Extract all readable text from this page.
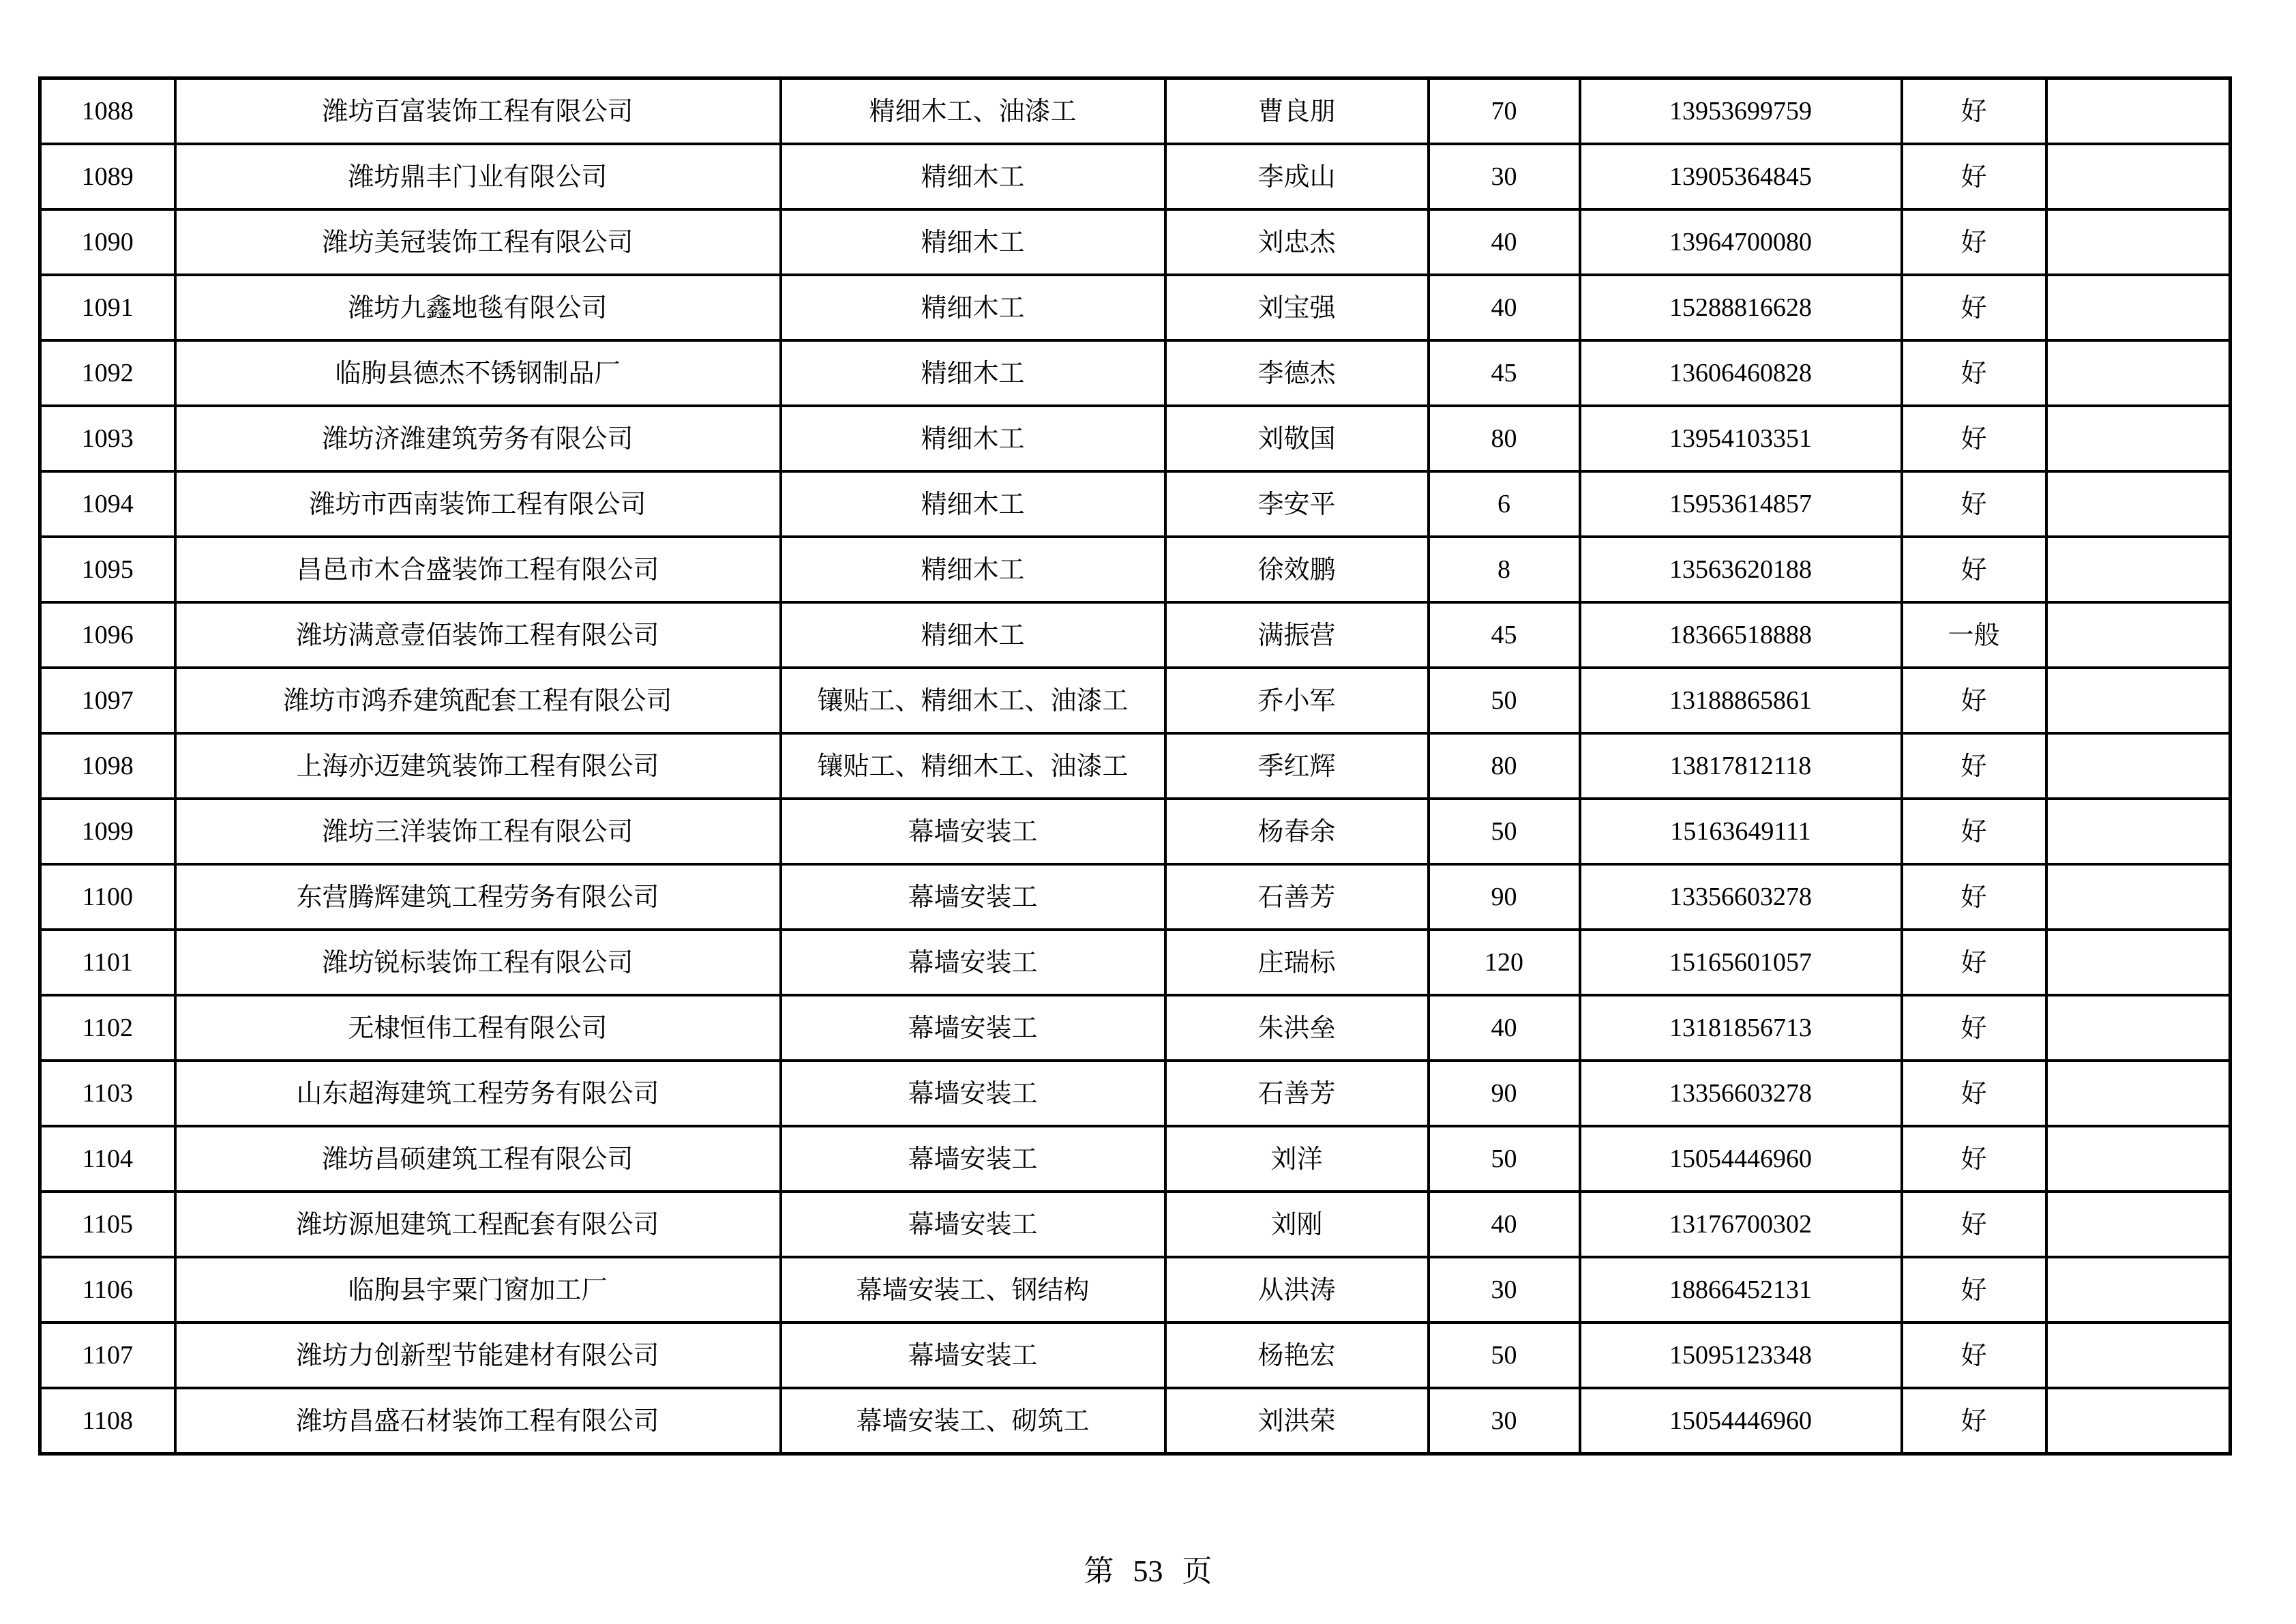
1088	潍坊百富装饰工程有限公司	精细木工、油漆工	曹良朋	70	13953699759	好	
1089	潍坊鼎丰门业有限公司	精细木工	李成山	30	13905364845	好	
1090	潍坊美冠装饰工程有限公司	精细木工	刘忠杰	40	13964700080	好	
1091	潍坊九鑫地毯有限公司	精细木工	刘宝强	40	15288816628	好	
1092	临朐县德杰不锈钢制品厂	精细木工	李德杰	45	13606460828	好	
1093	潍坊济潍建筑劳务有限公司	精细木工	刘敬国	80	13954103351	好	
1094	潍坊市西南装饰工程有限公司	精细木工	李安平	6	15953614857	好	
1095	昌邑市木合盛装饰工程有限公司	精细木工	徐效鹏	8	13563620188	好	
1096	潍坊满意壹佰装饰工程有限公司	精细木工	满振营	45	18366518888	一般	
1097	潍坊市鸿乔建筑配套工程有限公司	镶贴工、精细木工、油漆工	乔小军	50	13188865861	好	
1098	上海亦迈建筑装饰工程有限公司	镶贴工、精细木工、油漆工	季红辉	80	13817812118	好	
1099	潍坊三洋装饰工程有限公司	幕墙安装工	杨春余	50	15163649111	好	
1100	东营腾辉建筑工程劳务有限公司	幕墙安装工	石善芳	90	13356603278	好	
1101	潍坊锐标装饰工程有限公司	幕墙安装工	庄瑞标	120	15165601057	好	
1102	无棣恒伟工程有限公司	幕墙安装工	朱洪垒	40	13181856713	好	
1103	山东超海建筑工程劳务有限公司	幕墙安装工	石善芳	90	13356603278	好	
1104	潍坊昌硕建筑工程有限公司	幕墙安装工	刘洋	50	15054446960	好	
1105	潍坊源旭建筑工程配套有限公司	幕墙安装工	刘刚	40	13176700302	好	
1106	临朐县宇粟门窗加工厂	幕墙安装工、钢结构	从洪涛	30	18866452131	好	
1107	潍坊力创新型节能建材有限公司	幕墙安装工	杨艳宏	50	15095123348	好	
1108	潍坊昌盛石材装饰工程有限公司	幕墙安装工、砌筑工	刘洪荣	30	15054446960	好	
第 53 页
